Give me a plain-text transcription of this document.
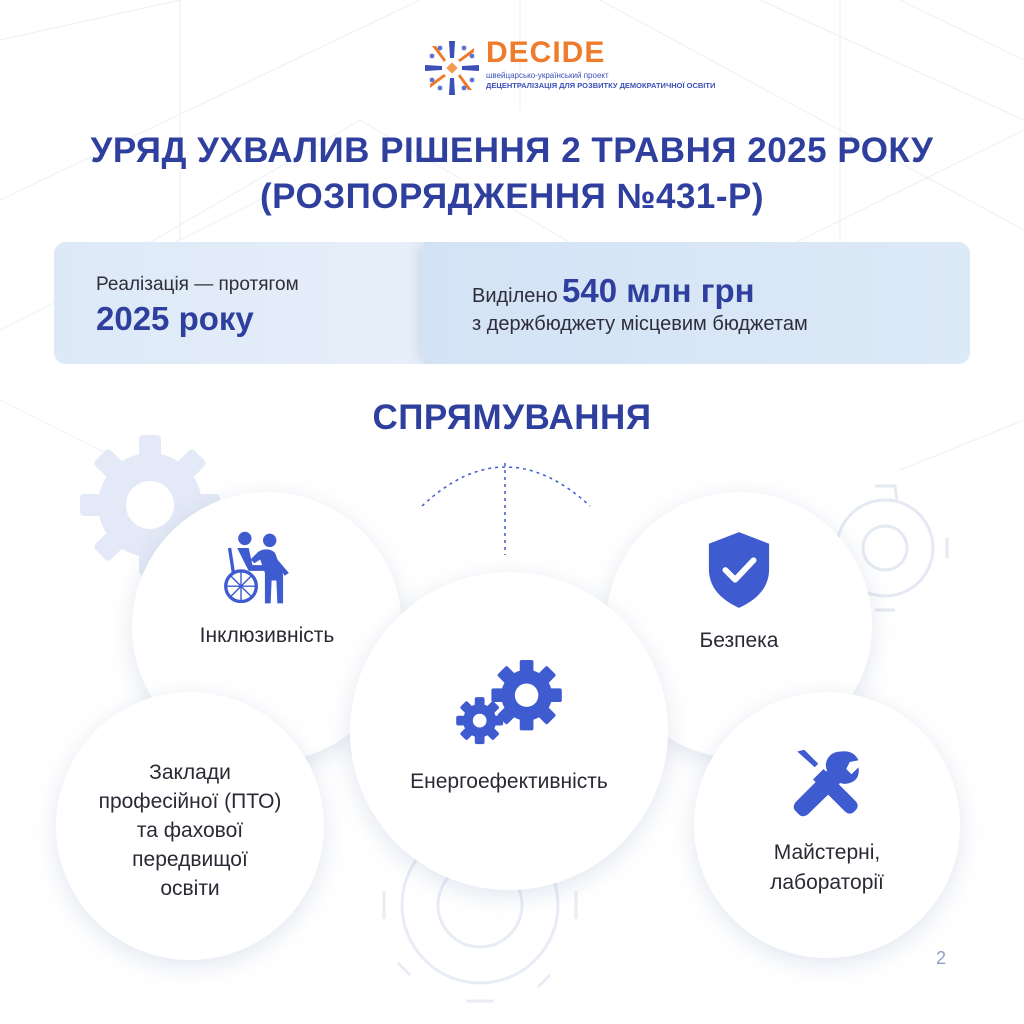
DECIDE
швейцарсько-український проект
ДЕЦЕНТРАЛІЗАЦІЯ ДЛЯ РОЗВИТКУ ДЕМОКРАТИЧНОЇ ОСВІТИ
УРЯД УХВАЛИВ РІШЕННЯ 2 ТРАВНЯ 2025 РОКУ
(РОЗПОРЯДЖЕННЯ №431-Р)
Реалізація — протягом
2025 року
Виділено 540 млн грн
з держбюджету місцевим бюджетам
СПРЯМУВАННЯ
Інклюзивність	Безпека
Заклади
професійної (ПТО)
та фахової
передвищої
освіти
Майстерні,
лабораторії
Енергоефективність
2
